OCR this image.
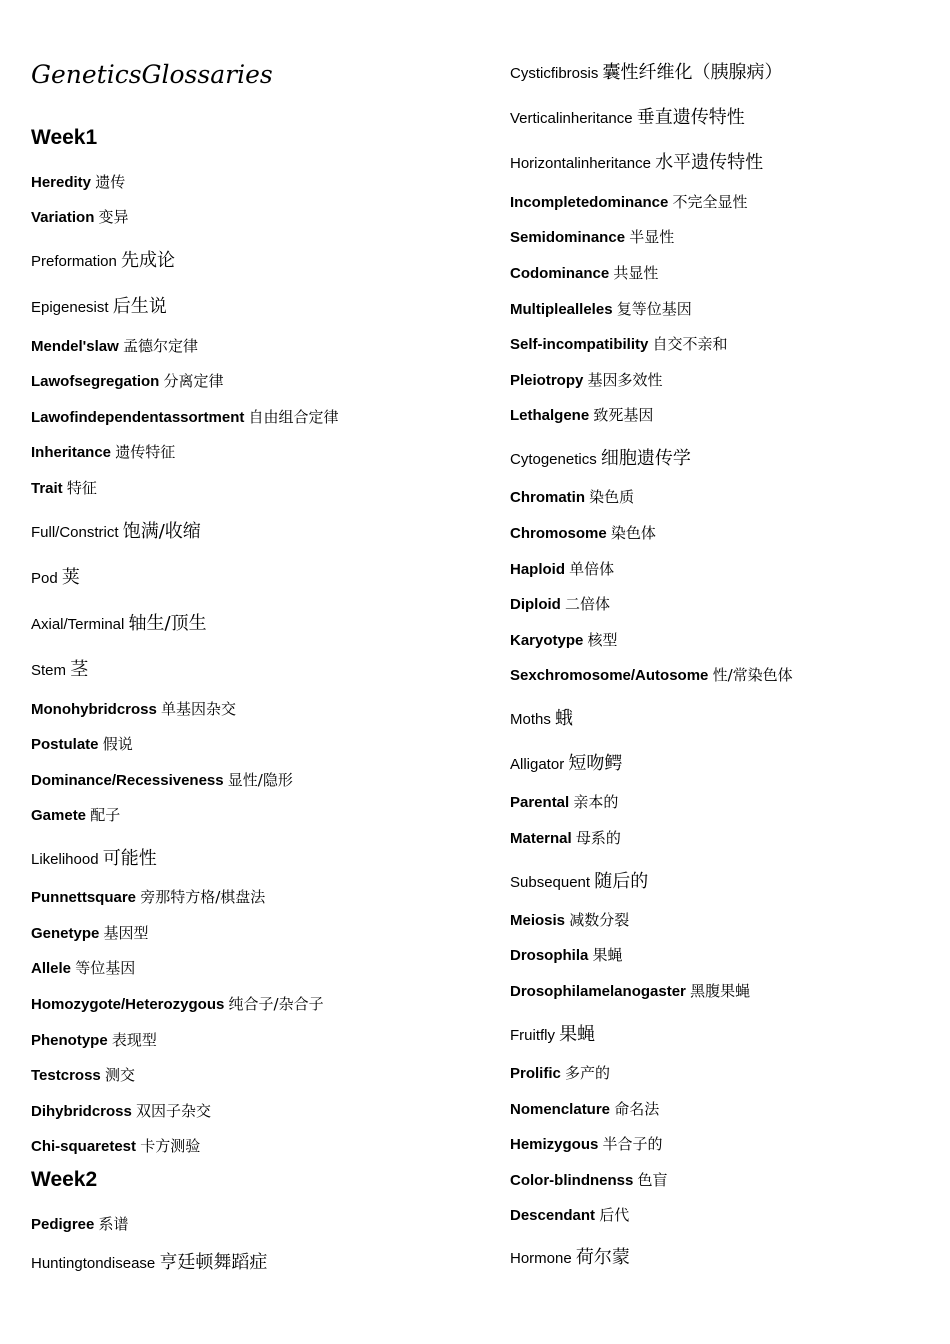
GeneticsGlossaries
Week1
Heredity 遗传
Variation 变异
Preformation 先成论
Epigenesist 后生说
Mendel'slaw 孟德尔定律
Lawofsegregation 分离定律
Lawofindependentassortment 自由组合定律
Inheritance 遗传特征
Trait 特征
Full/Constrict 饱满/收缩
Pod 荚
Axial/Terminal 轴生/顶生
Stem 茎
Monohybridcross 单基因杂交
Postulate 假说
Dominance/Recessiveness 显性/隐形
Gamete 配子
Likelihood 可能性
Punnettsquare 旁那特方格/棋盘法
Genetype 基因型
Allele 等位基因
Homozygote/Heterozygous 纯合子/杂合子
Phenotype 表现型
Testcross 测交
Dihybridcross 双因子杂交
Chi-squaretest 卡方测验
Week2
Pedigree 系谱
Huntingtondisease 亨廷顿舞蹈症
Cysticfibrosis 囊性纤维化（胰腺病）
Verticalinheritance 垂直遗传特性
Horizontalinheritance 水平遗传特性
Incompletedominance 不完全显性
Semidominance 半显性
Codominance 共显性
Multiplealleles 复等位基因
Self-incompatibility 自交不亲和
Pleiotropy 基因多效性
Lethalgene 致死基因
Cytogenetics 细胞遗传学
Chromatin 染色质
Chromosome 染色体
Haploid 单倍体
Diploid 二倍体
Karyotype 核型
Sexchromosome/Autosome 性/常染色体
Moths 蛾
Alligator 短吻鳄
Parental 亲本的
Maternal 母系的
Subsequent 随后的
Meiosis 减数分裂
Drosophila 果蝇
Drosophilamelanogaster 黑腹果蝇
Fruitfly 果蝇
Prolific 多产的
Nomenclature 命名法
Hemizygous 半合子的
Color-blindnenss 色盲
Descendant 后代
Hormone 荷尔蒙
